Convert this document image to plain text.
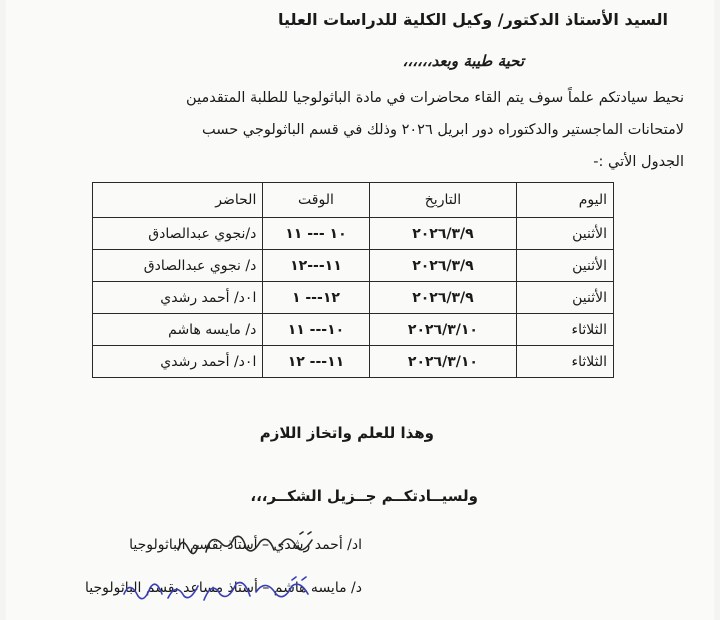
السيد الأستاذ الدكتور/ وكيل الكلية للدراسات العليا
تحية طيبة وبعد،،،،،،
نحيط سيادتكم علماً سوف يتم القاء محاضرات في مادة الباثولوجيا للطلبة المتقدمين
لامتحانات الماجستير والدكتوراه دور ابريل ٢٠٢٦ وذلك في قسم الباثولوجي حسب
الجدول الأتي :-
اليوم	التاريخ	الوقت	الحاضر
الأثنين	٢٠٢٦/٣/٩	١٠ --- ١١	د/نجوي عبدالصادق
الأثنين	٢٠٢٦/٣/٩	١١---١٢	د/ نجوي عبدالصادق
الأثنين	٢٠٢٦/٣/٩	١٢--- ١	ا٠د/ أحمد رشدي
الثلاثاء	٢٠٢٦/٣/١٠	١٠--- ١١	د/ مايسه هاشم
الثلاثاء	٢٠٢٦/٣/١٠	١١--- ١٢	ا٠د/ أحمد رشدي
وهذا للعلم واتخاز اللازم
ولسيــادتكــم جــزيل الشكــر،،،
اد/ أحمد رشدي – أستاذ بقسم الباثولوجيا
د/ مايسه هاشم – أستاذ مساعد بقسم الباثولوجيا
